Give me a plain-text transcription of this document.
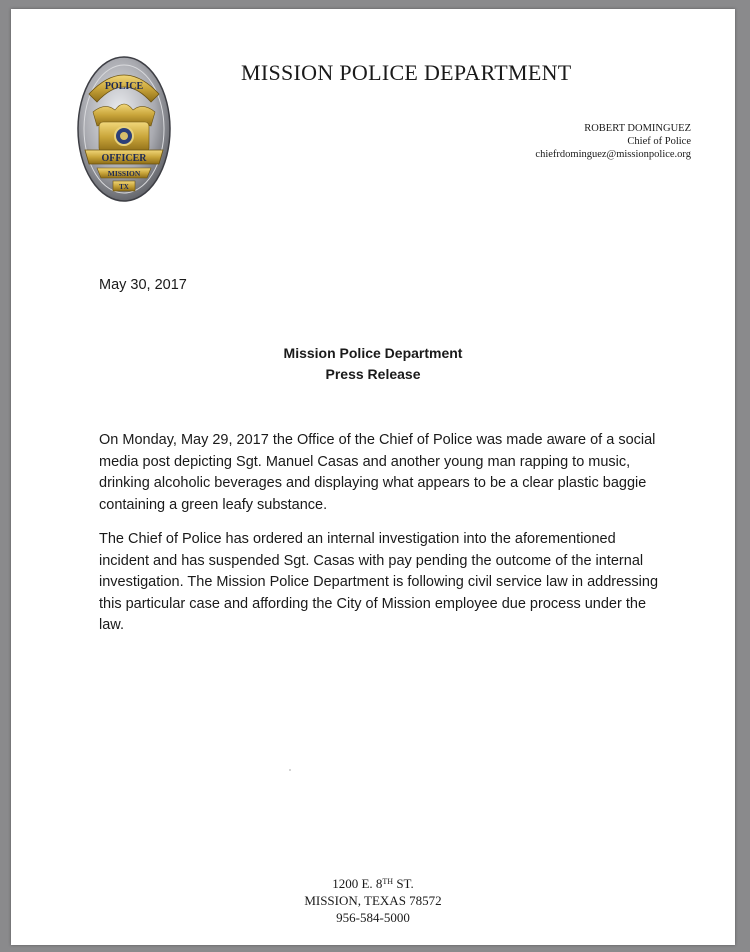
POLICE
OFFICER
MISSION
TX
MISSION POLICE DEPARTMENT
ROBERT DOMINGUEZ
Chief of Police
chiefrdominguez@missionpolice.org
May 30, 2017
Mission Police Department
Press Release

On Monday, May 29, 2017 the Office of the Chief of Police was made aware of a social media post depicting Sgt. Manuel Casas and another young man rapping to music, drinking alcoholic beverages and displaying what appears to be a clear plastic baggie containing a green leafy substance.

The Chief of Police has ordered an internal investigation into the aforementioned incident and has suspended Sgt. Casas with pay pending the outcome of the internal investigation. The Mission Police Department is following civil service law in addressing this particular case and affording the City of Mission employee due process under the law.

1200 E. 8TH ST.
MISSION, TEXAS 78572
956-584-5000
